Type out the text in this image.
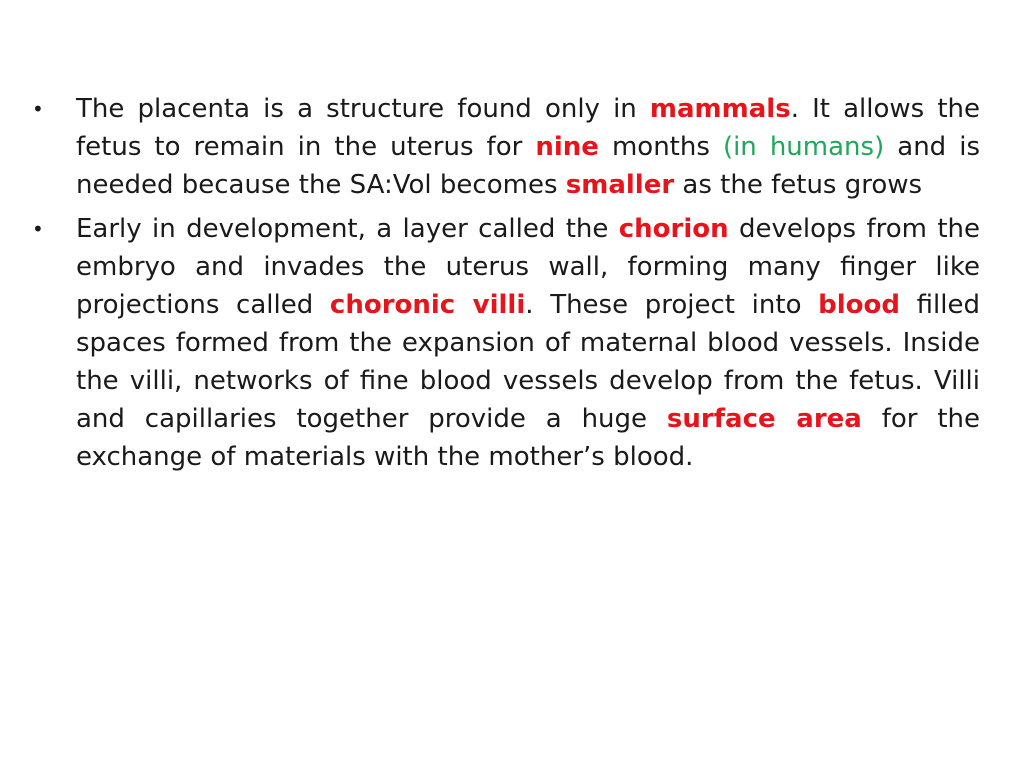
• The placenta is a structure found only in mammals. It allows the fetus to remain in the uterus for nine months (in humans) and is needed because the SA:Vol becomes smaller as the fetus grows
• Early in development, a layer called the chorion develops from the embryo and invades the uterus wall, forming many finger like projections called choronic villi. These project into blood filled spaces formed from the expansion of maternal blood vessels. Inside the villi, networks of fine blood vessels develop from the fetus. Villi and capillaries together provide a huge surface area for the exchange of materials with the mother’s blood.
